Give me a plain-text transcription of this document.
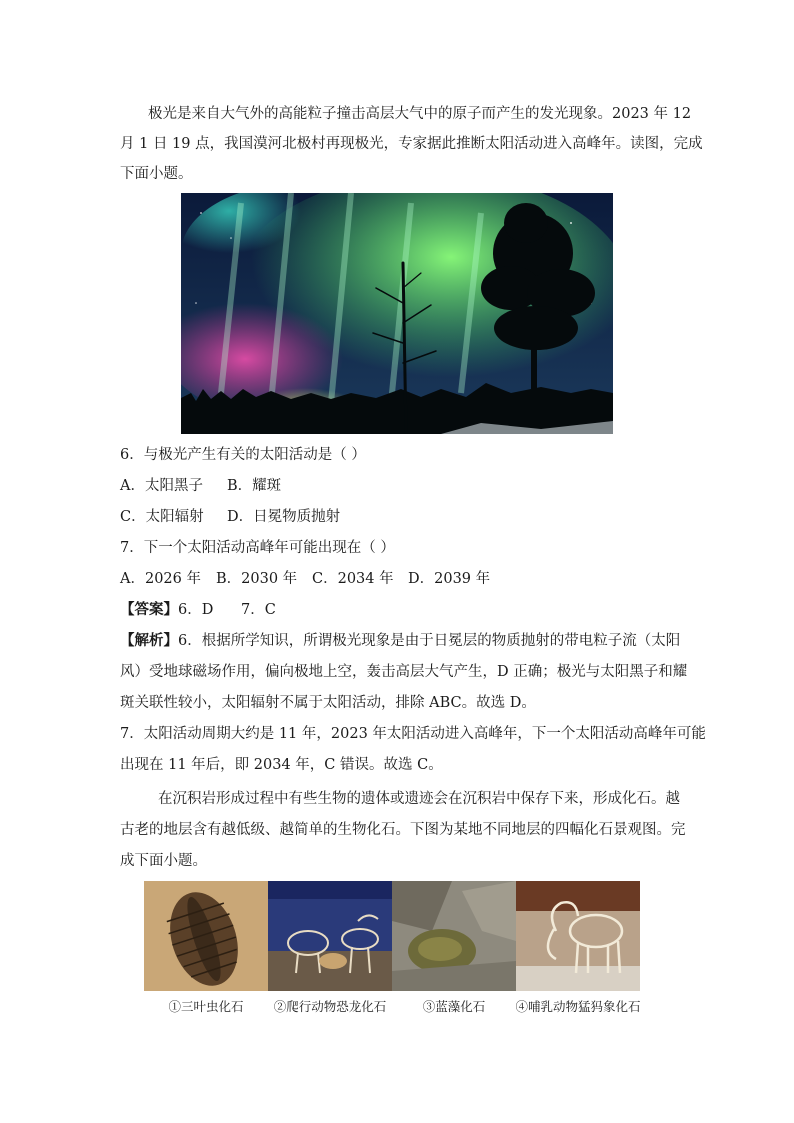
极光是来自大气外的高能粒子撞击高层大气中的原子而产生的发光现象。2023 年 12
月 1 日 19 点，我国漠河北极村再现极光，专家据此推断太阳活动进入高峰年。读图，完成
下面小题。
6．与极光产生有关的太阳活动是（ ）
A．太阳黑子 B．耀斑
C．太阳辐射 D．日冕物质抛射
7．下一个太阳活动高峰年可能出现在（ ）
A．2026 年 B．2030 年 C．2034 年 D．2039 年
【答案】6．D      7．C
【解析】6．根据所学知识，所谓极光现象是由于日冕层的物质抛射的带电粒子流（太阳
风）受地球磁场作用，偏向极地上空，轰击高层大气产生，D 正确；极光与太阳黑子和耀
斑关联性较小，太阳辐射不属于太阳活动，排除 ABC。故选 D。
7．太阳活动周期大约是 11 年，2023 年太阳活动进入高峰年，下一个太阳活动高峰年可能
出现在 11 年后，即 2034 年，C 错误。故选 C。
在沉积岩形成过程中有些生物的遗体或遗迹会在沉积岩中保存下来，形成化石。越
古老的地层含有越低级、越简单的生物化石。下图为某地不同地层的四幅化石景观图。完
成下面小题。
①三叶虫化石	②爬行动物恐龙化石	③蓝藻化石	④哺乳动物猛犸象化石
